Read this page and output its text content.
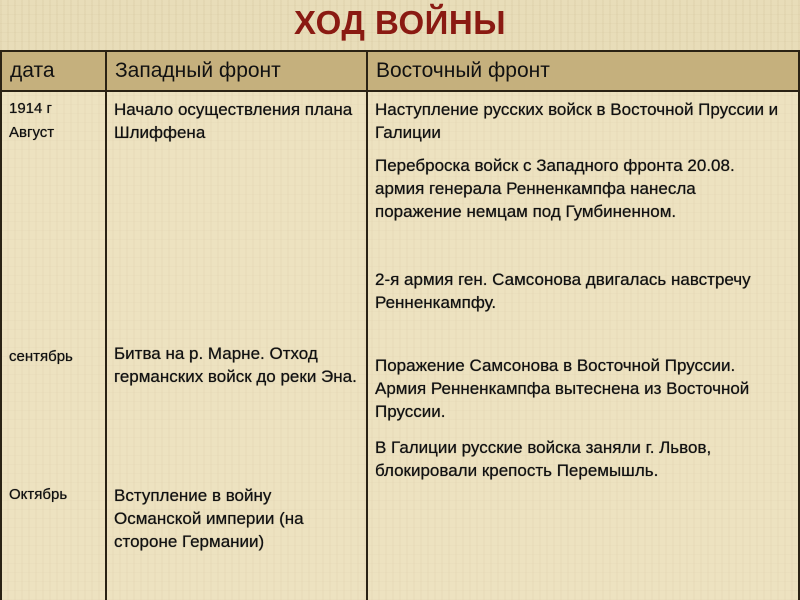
ХОД ВОЙНЫ
дата	Западный фронт	Восточный фронт
1914 г
Август
сентябрь
Октябрь
Начало осуществления плана Шлиффена
Битва на р. Марне. Отход германских войск до реки Эна.
Вступление в войну Османской империи (на стороне Германии)
Наступление русских войск в Восточной Пруссии и Галиции
Переброска войск с Западного фронта 20.08. армия генерала Ренненкампфа нанесла поражение немцам под Гумбиненном.
2-я армия ген. Самсонова двигалась навстречу Ренненкампфу.
Поражение Самсонова в Восточной Пруссии. Армия Ренненкампфа вытеснена из Восточной Пруссии.
В Галиции русские войска заняли г. Львов, блокировали крепость Перемышль.
